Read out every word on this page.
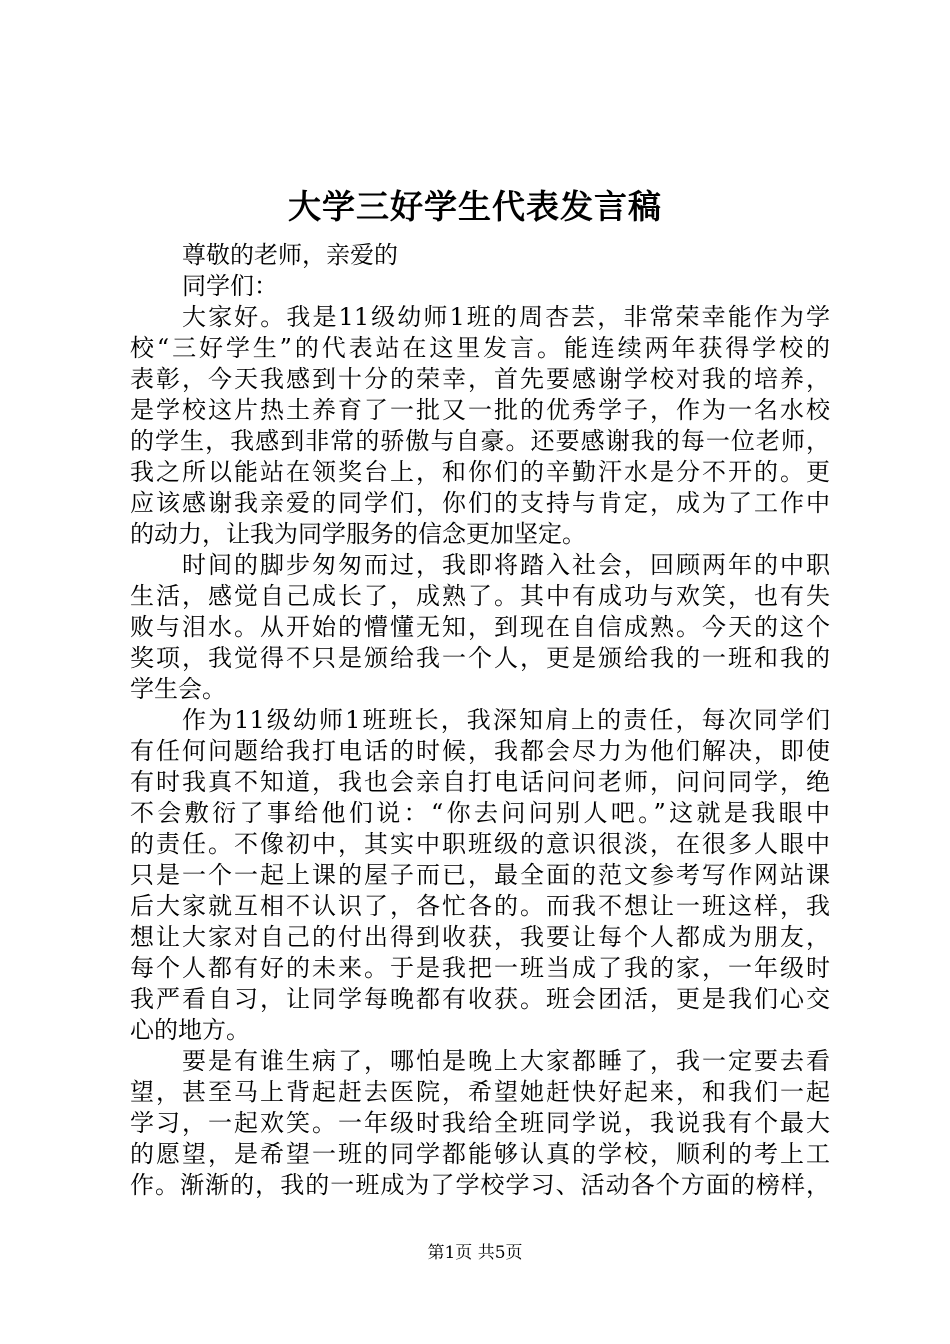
大学三好学生代表发言稿
尊敬的老师，亲爱的
同学们：
大家好。我是11级幼师1班的周杏芸，非常荣幸能作为学
校“三好学生”的代表站在这里发言。能连续两年获得学校的
表彰，今天我感到十分的荣幸，首先要感谢学校对我的培养，
是学校这片热土养育了一批又一批的优秀学子，作为一名水校
的学生，我感到非常的骄傲与自豪。还要感谢我的每一位老师，
我之所以能站在领奖台上，和你们的辛勤汗水是分不开的。更
应该感谢我亲爱的同学们，你们的支持与肯定，成为了工作中
的动力，让我为同学服务的信念更加坚定。
时间的脚步匆匆而过，我即将踏入社会，回顾两年的中职
生活，感觉自己成长了，成熟了。其中有成功与欢笑，也有失
败与泪水。从开始的懵懂无知，到现在自信成熟。今天的这个
奖项，我觉得不只是颁给我一个人，更是颁给我的一班和我的
学生会。
作为11级幼师1班班长，我深知肩上的责任，每次同学们
有任何问题给我打电话的时候，我都会尽力为他们解决，即使
有时我真不知道，我也会亲自打电话问问老师，问问同学，绝
不会敷衍了事给他们说：“你去问问别人吧。”这就是我眼中
的责任。不像初中，其实中职班级的意识很淡，在很多人眼中
只是一个一起上课的屋子而已，最全面的范文参考写作网站课
后大家就互相不认识了，各忙各的。而我不想让一班这样，我
想让大家对自己的付出得到收获，我要让每个人都成为朋友，
每个人都有好的未来。于是我把一班当成了我的家，一年级时
我严看自习，让同学每晚都有收获。班会团活，更是我们心交
心的地方。
要是有谁生病了，哪怕是晚上大家都睡了，我一定要去看
望，甚至马上背起赶去医院，希望她赶快好起来，和我们一起
学习，一起欢笑。一年级时我给全班同学说，我说我有个最大
的愿望，是希望一班的同学都能够认真的学校，顺利的考上工
作。渐渐的，我的一班成为了学校学习、活动各个方面的榜样，
第1页 共5页
